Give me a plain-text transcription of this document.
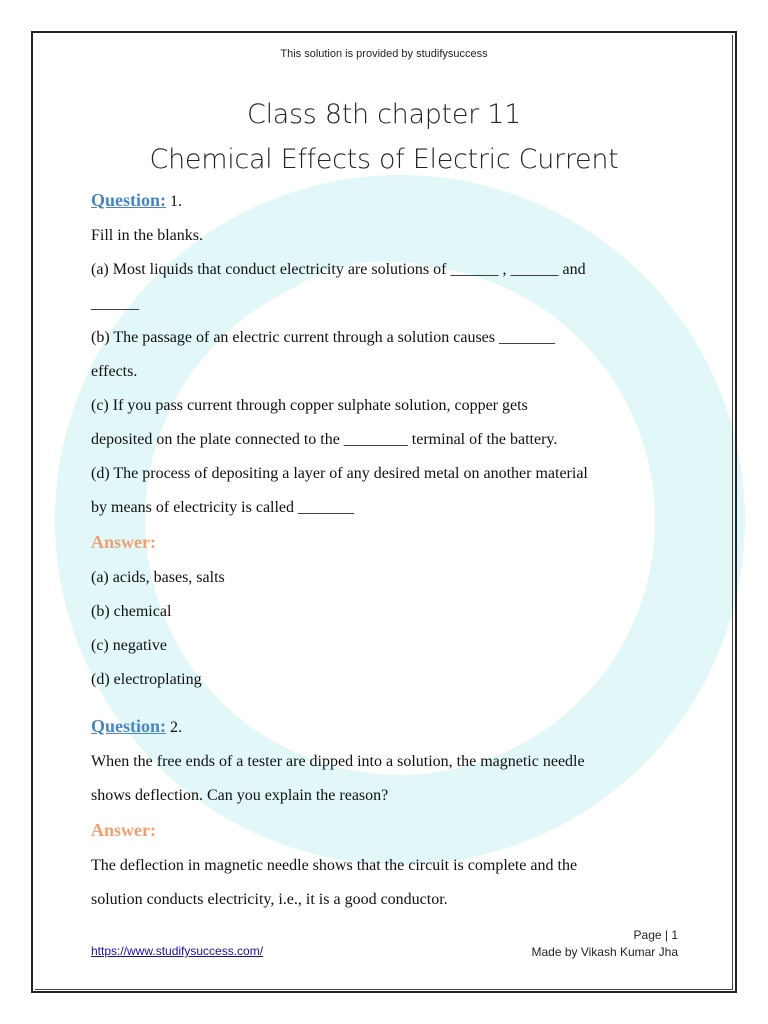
This solution is provided by studifysuccess
Class 8th chapter 11
Chemical Effects of Electric Current

Question: 1.

Fill in the blanks.

(a) Most liquids that conduct electricity are solutions of ______ , ______ and

______

(b) The passage of an electric current through a solution causes _______

effects.

(c) If you pass current through copper sulphate solution, copper gets

deposited on the plate connected to the ________ terminal of the battery.

(d) The process of depositing a layer of any desired metal on another material

by means of electricity is called _______

Answer:

(a) acids, bases, salts

(b) chemical

(c) negative

(d) electroplating

Question: 2.

When the free ends of a tester are dipped into a solution, the magnetic needle

shows deflection. Can you explain the reason?

Answer:

The deflection in magnetic needle shows that the circuit is complete and the

solution conducts electricity, i.e., it is a good conductor.

https://www.studifysuccess.com/
Page | 1
Made by Vikash Kumar Jha
